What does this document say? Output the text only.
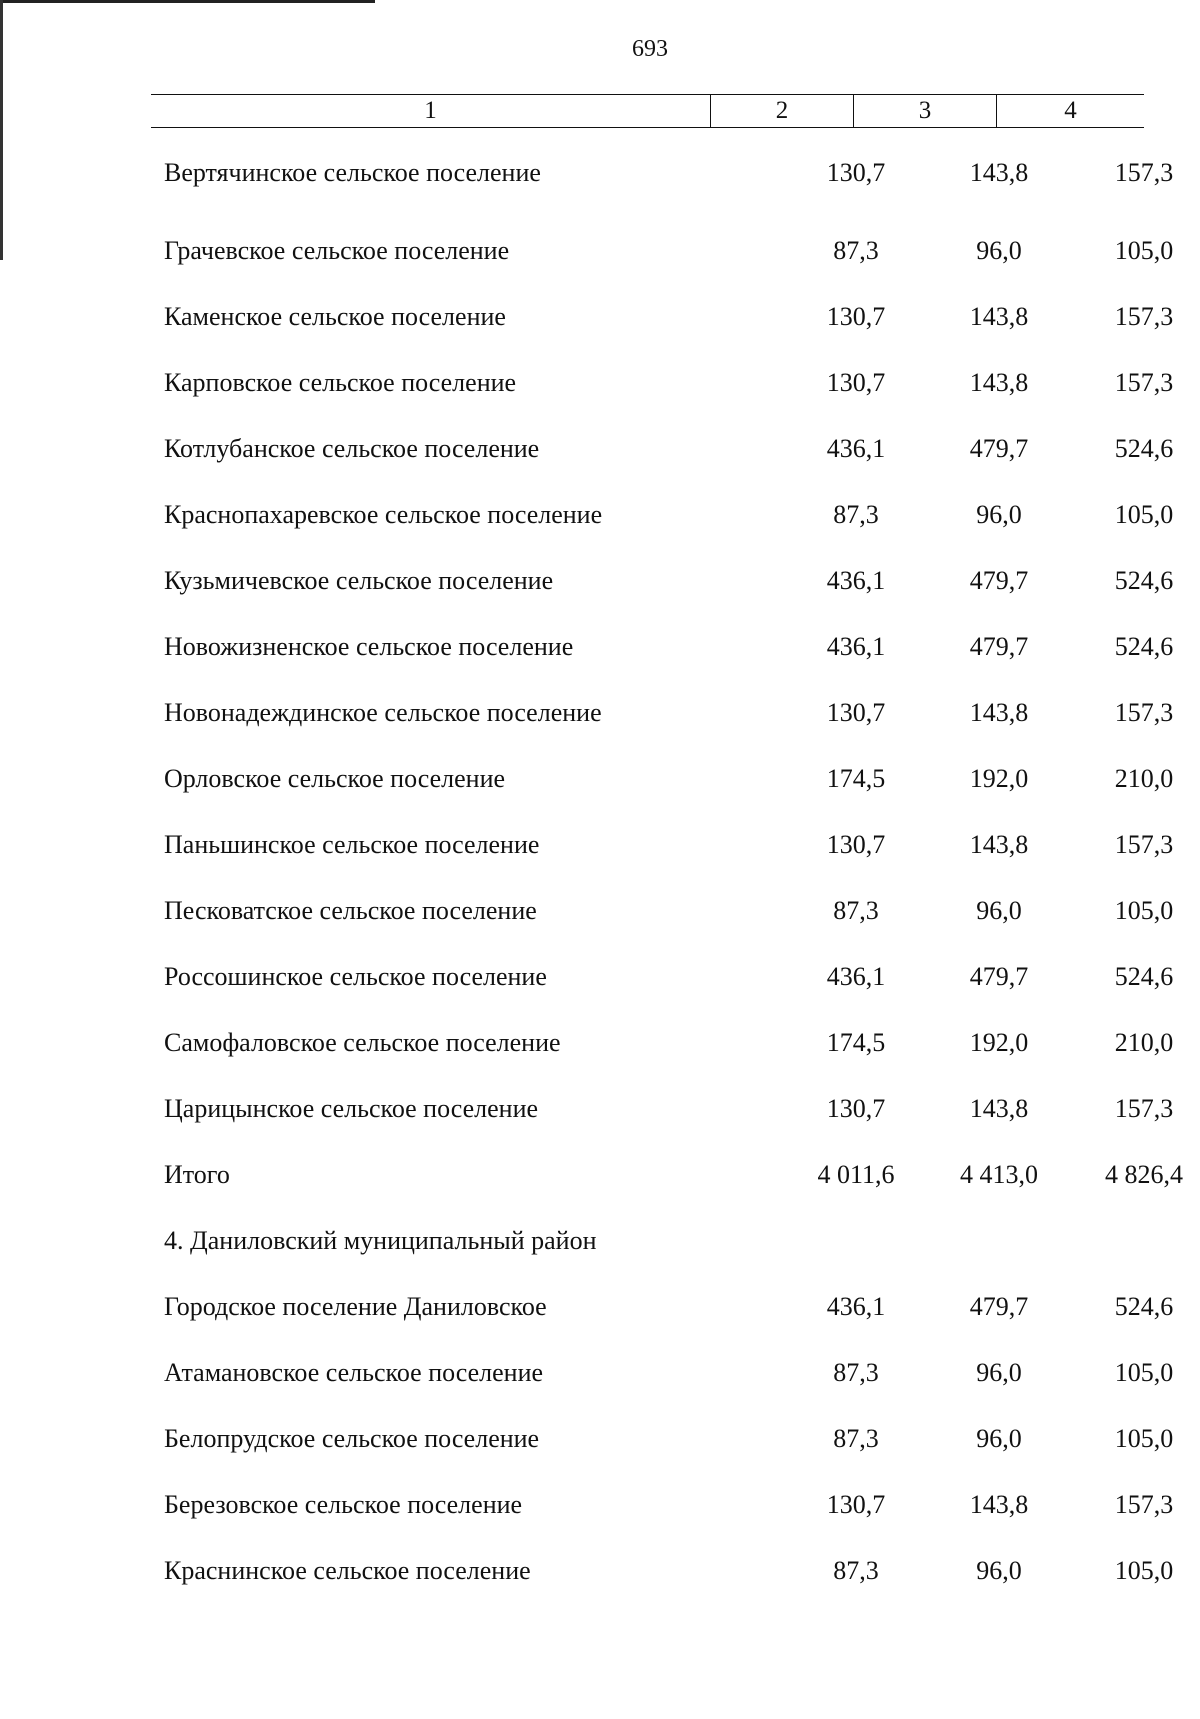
693
1	2	3	4
Вертячинское сельское поселение	130,7	143,8	157,3
Грачевское сельское поселение	87,3	96,0	105,0
Каменское сельское поселение	130,7	143,8	157,3
Карповское сельское поселение	130,7	143,8	157,3
Котлубанское сельское поселение	436,1	479,7	524,6
Краснопахаревское сельское поселение	87,3	96,0	105,0
Кузьмичевское сельское поселение	436,1	479,7	524,6
Новожизненское сельское поселение	436,1	479,7	524,6
Новонадеждинское сельское поселение	130,7	143,8	157,3
Орловское сельское поселение	174,5	192,0	210,0
Паньшинское сельское поселение	130,7	143,8	157,3
Песковатское сельское поселение	87,3	96,0	105,0
Россошинское сельское поселение	436,1	479,7	524,6
Самофаловское сельское поселение	174,5	192,0	210,0
Царицынское сельское поселение	130,7	143,8	157,3
Итого	4 011,6	4 413,0	4 826,4
4. Даниловский муниципальный район
Городское поселение Даниловское	436,1	479,7	524,6
Атамановское сельское поселение	87,3	96,0	105,0
Белопрудское сельское поселение	87,3	96,0	105,0
Березовское сельское поселение	130,7	143,8	157,3
Краснинское сельское поселение	87,3	96,0	105,0
